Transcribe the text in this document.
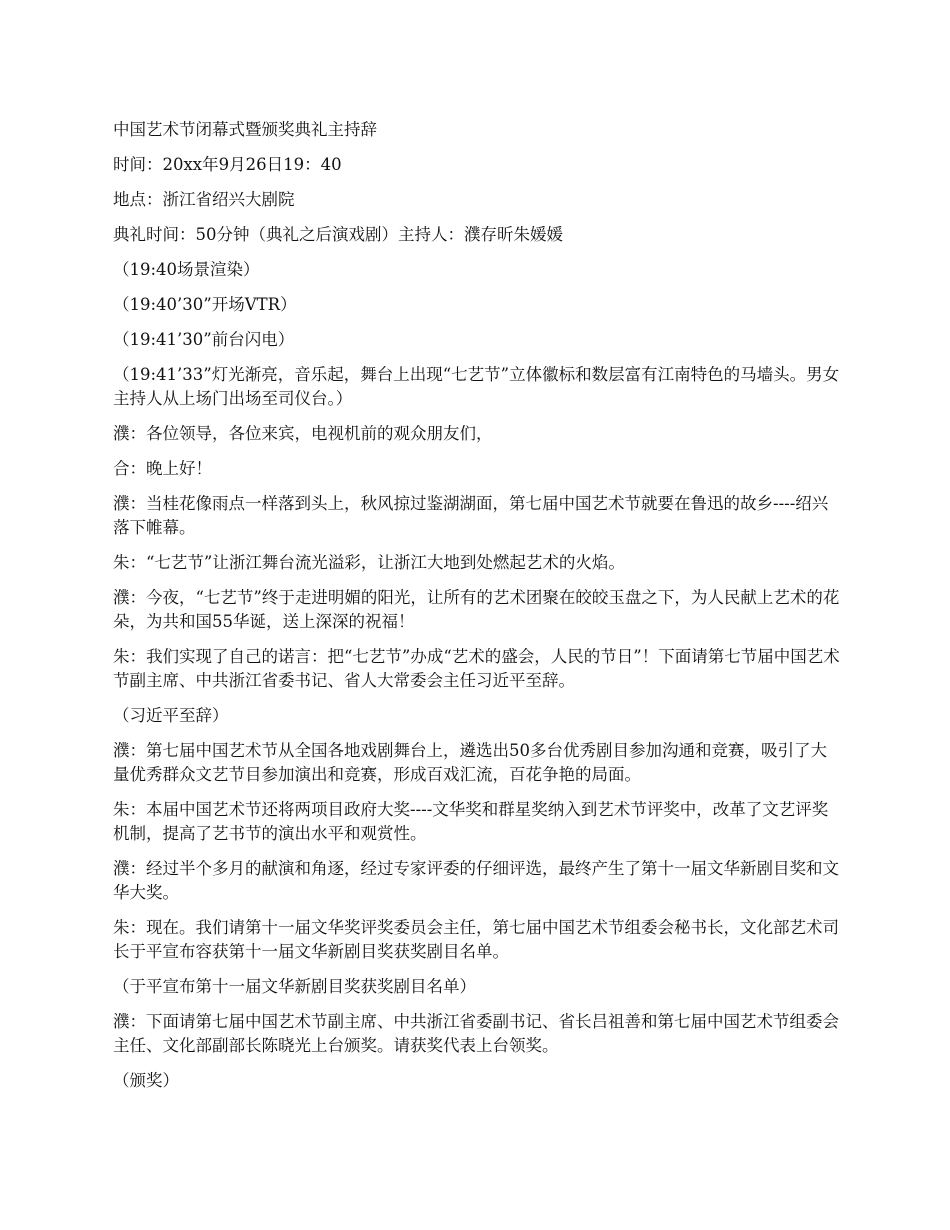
中国艺术节闭幕式暨颁奖典礼主持辞

时间：20xx年9月26日19：40

地点：浙江省绍兴大剧院

典礼时间：50分钟（典礼之后演戏剧）主持人：濮存昕朱媛媛

（19:40场景渲染）

（19:40’30”开场VTR）

（19:41’30”前台闪电）

（19:41’33”灯光渐亮，音乐起，舞台上出现“七艺节”立体徽标和数层富有江南特色的马墙头。男女主持人从上场门出场至司仪台。）

濮：各位领导，各位来宾，电视机前的观众朋友们，

合：晚上好！

濮：当桂花像雨点一样落到头上，秋风掠过鉴湖湖面，第七届中国艺术节就要在鲁迅的故乡----绍兴落下帷幕。

朱：“七艺节”让浙江舞台流光溢彩，让浙江大地到处燃起艺术的火焰。

濮：今夜，“七艺节”终于走进明媚的阳光，让所有的艺术团聚在皎皎玉盘之下，为人民献上艺术的花朵，为共和国55华诞，送上深深的祝福！

朱：我们实现了自己的诺言：把“七艺节”办成“艺术的盛会，人民的节日”！下面请第七节届中国艺术节副主席、中共浙江省委书记、省人大常委会主任习近平至辞。

（习近平至辞）

濮：第七届中国艺术节从全国各地戏剧舞台上，遴选出50多台优秀剧目参加沟通和竞赛，吸引了大量优秀群众文艺节目参加演出和竞赛，形成百戏汇流，百花争艳的局面。

朱：本届中国艺术节还将两项目政府大奖----文华奖和群星奖纳入到艺术节评奖中，改革了文艺评奖机制，提高了艺书节的演出水平和观赏性。

濮：经过半个多月的献演和角逐，经过专家评委的仔细评选，最终产生了第十一届文华新剧目奖和文华大奖。

朱：现在。我们请第十一届文华奖评奖委员会主任，第七届中国艺术节组委会秘书长，文化部艺术司长于平宣布容获第十一届文华新剧目奖获奖剧目名单。

（于平宣布第十一届文华新剧目奖获奖剧目名单）

濮：下面请第七届中国艺术节副主席、中共浙江省委副书记、省长吕祖善和第七届中国艺术节组委会主任、文化部副部长陈晓光上台颁奖。请获奖代表上台领奖。

（颁奖）
